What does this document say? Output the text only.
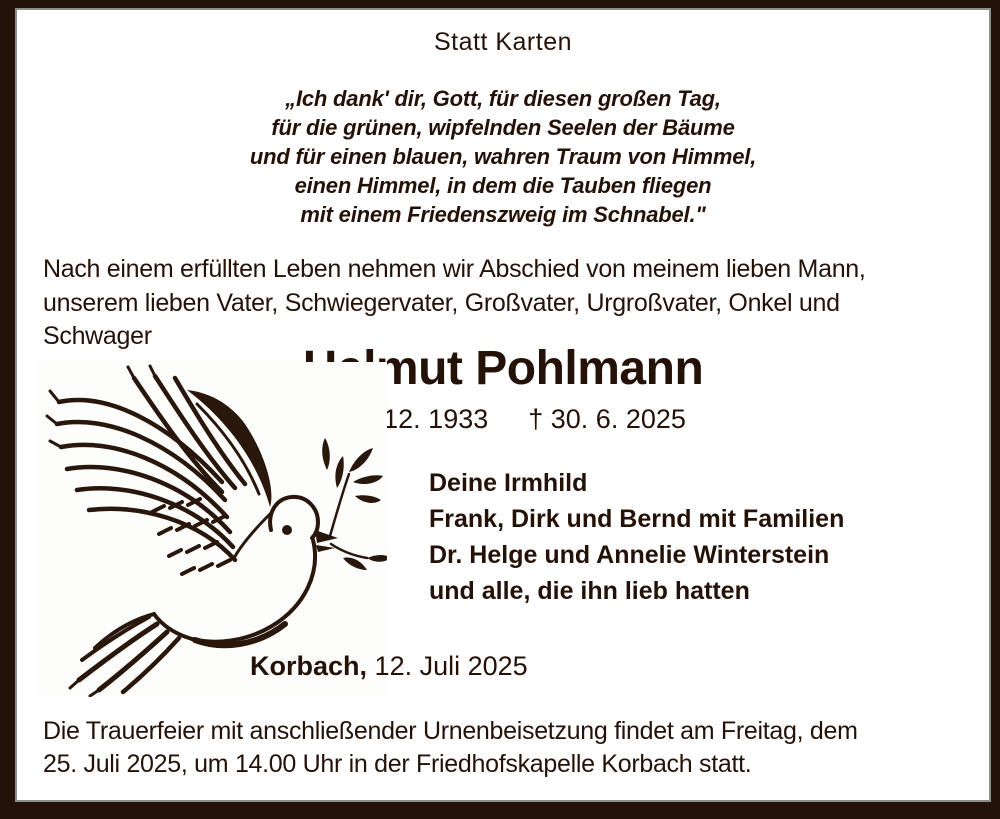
Statt Karten
„Ich dank' dir, Gott, für diesen großen Tag,
für die grünen, wipfelnden Seelen der Bäume
und für einen blauen, wahren Traum von Himmel,
einen Himmel, in dem die Tauben fliegen
mit einem Friedenszweig im Schnabel."
Nach einem erfüllten Leben nehmen wir Abschied von meinem lieben Mann,
unserem lieben Vater, Schwiegervater, Großvater, Urgroßvater, Onkel und
Schwager
Helmut Pohlmann
* 18. 12. 1933 † 30. 6. 2025
Deine Irmhild
Frank, Dirk und Bernd mit Familien
Dr. Helge und Annelie Winterstein
und alle, die ihn lieb hatten
Korbach, 12. Juli 2025
Die Trauerfeier mit anschließender Urnenbeisetzung findet am Freitag, dem
25. Juli 2025, um 14.00 Uhr in der Friedhofskapelle Korbach statt.
